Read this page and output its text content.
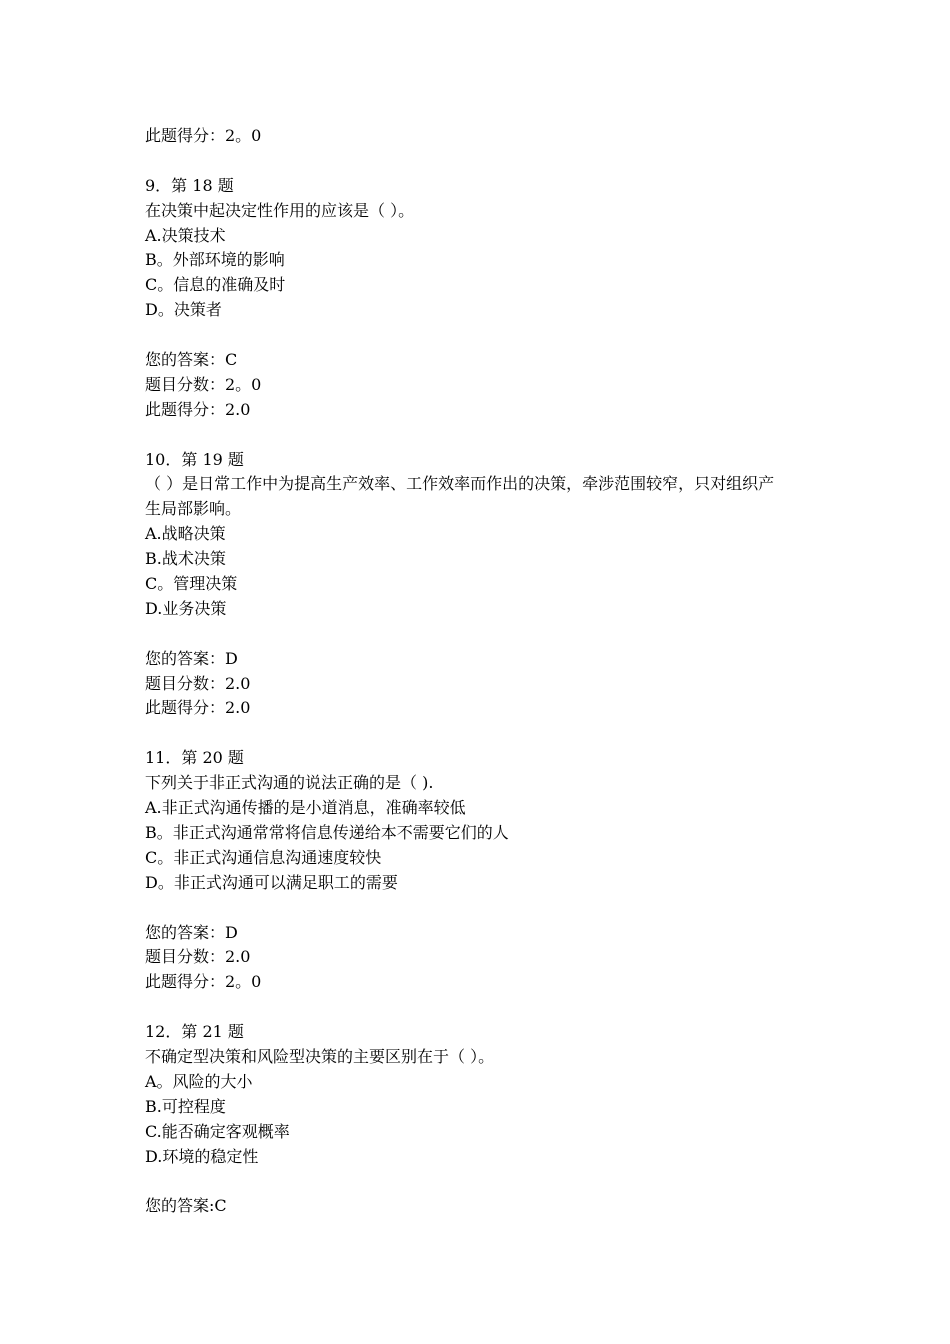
此题得分：2。0
9．第 18 题
在决策中起决定性作用的应该是（ ）。
A.决策技术
B。外部环境的影响
C。信息的准确及时
D。决策者
您的答案：C
题目分数：2。0
此题得分：2.0
10．第 19 题
（ ）是日常工作中为提高生产效率、工作效率而作出的决策，牵涉范围较窄，只对组织产
生局部影响。
A.战略决策
B.战术决策
C。管理决策
D.业务决策
您的答案：D
题目分数：2.0
此题得分：2.0
11．第 20 题
下列关于非正式沟通的说法正确的是（ ).
A.非正式沟通传播的是小道消息，准确率较低
B。非正式沟通常常将信息传递给本不需要它们的人
C。非正式沟通信息沟通速度较快
D。非正式沟通可以满足职工的需要
您的答案：D
题目分数：2.0
此题得分：2。0
12．第 21 题
不确定型决策和风险型决策的主要区别在于（ ）。
A。风险的大小
B.可控程度
C.能否确定客观概率
D.环境的稳定性
您的答案:C
